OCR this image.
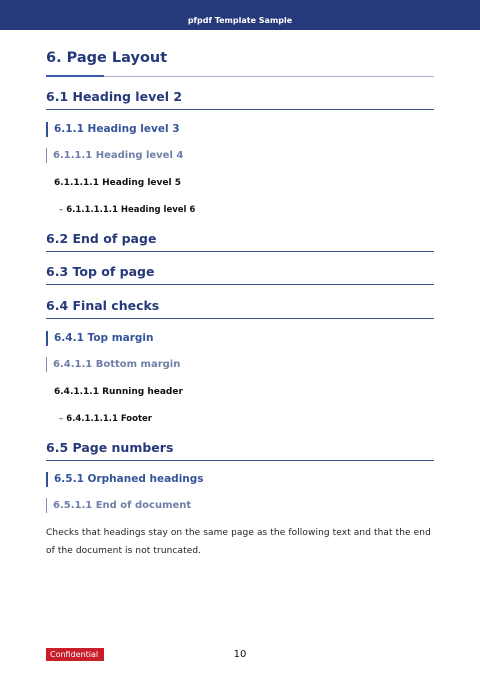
pfpdf Template Sample
6. Page Layout
6.1 Heading level 2
6.1.1 Heading level 3
6.1.1.1 Heading level 4
6.1.1.1.1 Heading level 5
– 6.1.1.1.1.1 Heading level 6
6.2 End of page
6.3 Top of page
6.4 Final checks
6.4.1 Top margin
6.4.1.1 Bottom margin
6.4.1.1.1 Running header
– 6.4.1.1.1.1 Footer
6.5 Page numbers
6.5.1 Orphaned headings
6.5.1.1 End of document
Checks that headings stay on the same page as the following text and that the end of the document is not truncated.
Confidential	10
